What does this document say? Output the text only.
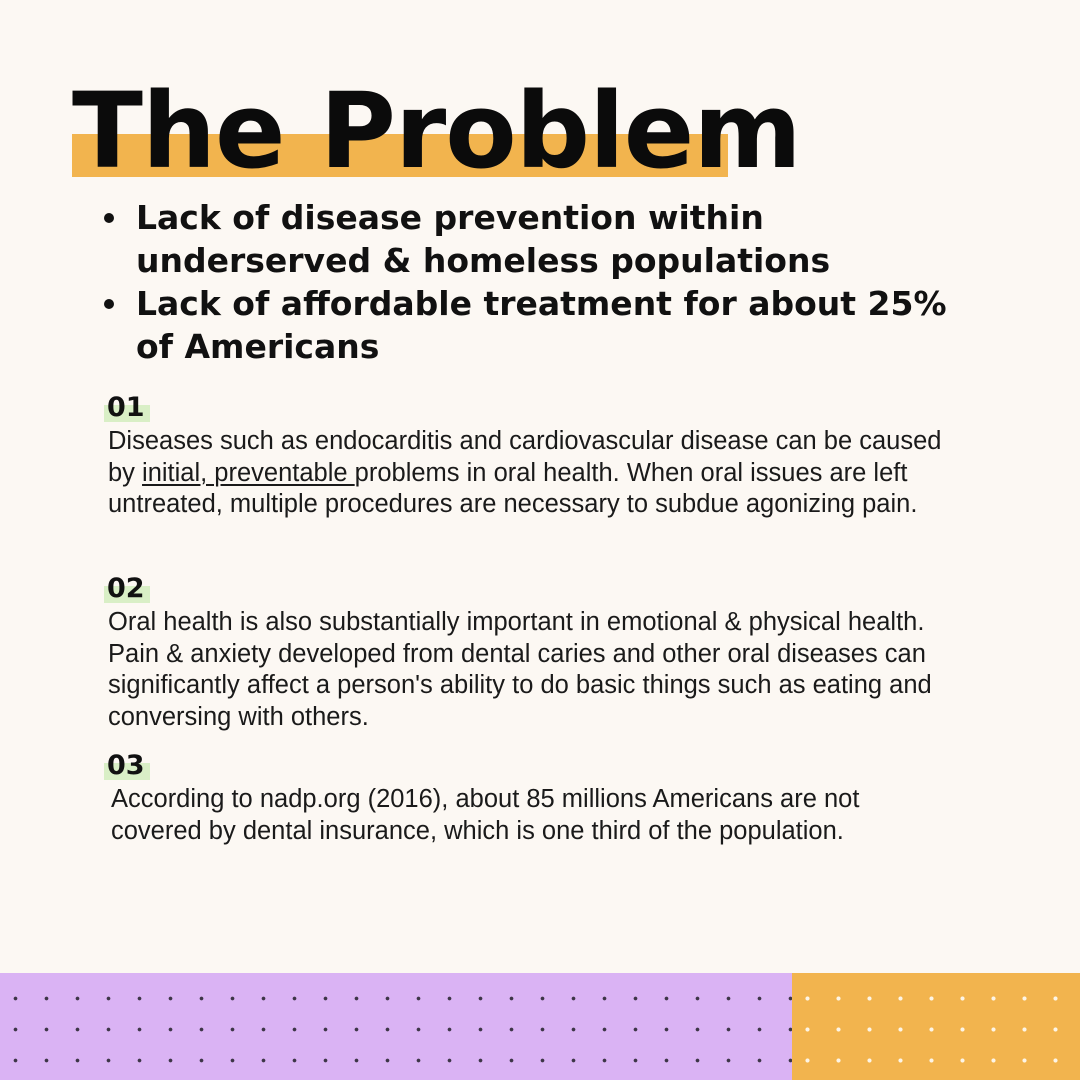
The Problem
Lack of disease prevention within underserved & homeless populations
Lack of affordable treatment for about 25% of Americans
01

Diseases such as endocarditis and cardiovascular disease can be caused by initial, preventable problems in oral health. When oral issues are left untreated, multiple procedures are necessary to subdue agonizing pain.

02

Oral health is also substantially important in emotional & physical health. Pain & anxiety developed from dental caries and other oral diseases can significantly affect a person's ability to do basic things such as eating and conversing with others.

03

According to nadp.org (2016), about 85 millions Americans are not covered by dental insurance, which is one third of the population.
